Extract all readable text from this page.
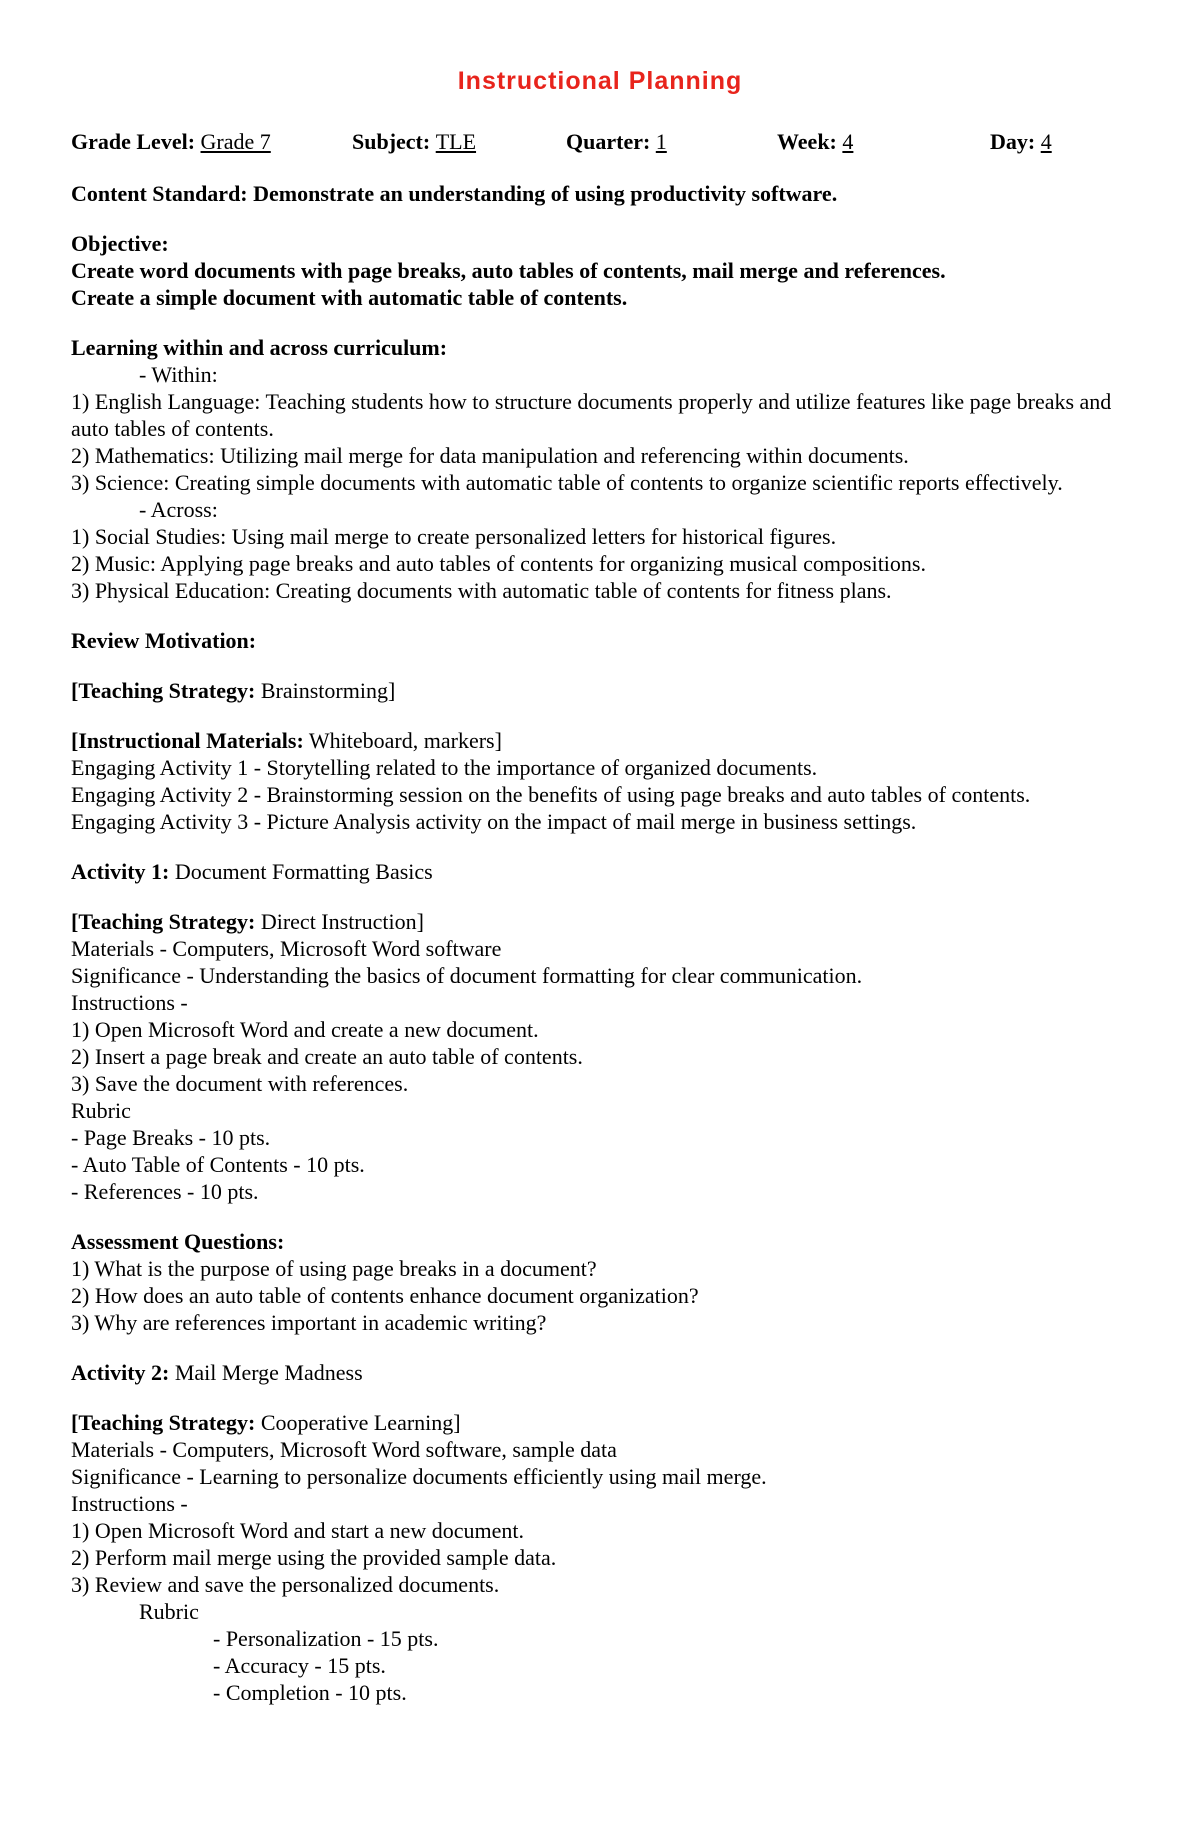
Instructional Planning
Grade Level: Grade 7	Subject: TLE	Quarter: 1	Week: 4	Day: 4
Content Standard: Demonstrate an understanding of using productivity software.
Objective:
Create word documents with page breaks, auto tables of contents, mail merge and references.
Create a simple document with automatic table of contents.
Learning within and across curriculum:
- Within:
1) English Language: Teaching students how to structure documents properly and utilize features like page breaks and auto tables of contents.
2) Mathematics: Utilizing mail merge for data manipulation and referencing within documents.
3) Science: Creating simple documents with automatic table of contents to organize scientific reports effectively.
- Across:
1) Social Studies: Using mail merge to create personalized letters for historical figures.
2) Music: Applying page breaks and auto tables of contents for organizing musical compositions.
3) Physical Education: Creating documents with automatic table of contents for fitness plans.
Review Motivation:
[Teaching Strategy: Brainstorming]
[Instructional Materials: Whiteboard, markers]
Engaging Activity 1 - Storytelling related to the importance of organized documents.
Engaging Activity 2 - Brainstorming session on the benefits of using page breaks and auto tables of contents.
Engaging Activity 3 - Picture Analysis activity on the impact of mail merge in business settings.
Activity 1: Document Formatting Basics
[Teaching Strategy: Direct Instruction]
Materials - Computers, Microsoft Word software
Significance - Understanding the basics of document formatting for clear communication.
Instructions -
1) Open Microsoft Word and create a new document.
2) Insert a page break and create an auto table of contents.
3) Save the document with references.
Rubric
- Page Breaks - 10 pts.
- Auto Table of Contents - 10 pts.
- References - 10 pts.
Assessment Questions:
1) What is the purpose of using page breaks in a document?
2) How does an auto table of contents enhance document organization?
3) Why are references important in academic writing?
Activity 2: Mail Merge Madness
[Teaching Strategy: Cooperative Learning]
Materials - Computers, Microsoft Word software, sample data
Significance - Learning to personalize documents efficiently using mail merge.
Instructions -
1) Open Microsoft Word and start a new document.
2) Perform mail merge using the provided sample data.
3) Review and save the personalized documents.
Rubric
- Personalization - 15 pts.
- Accuracy - 15 pts.
- Completion - 10 pts.
